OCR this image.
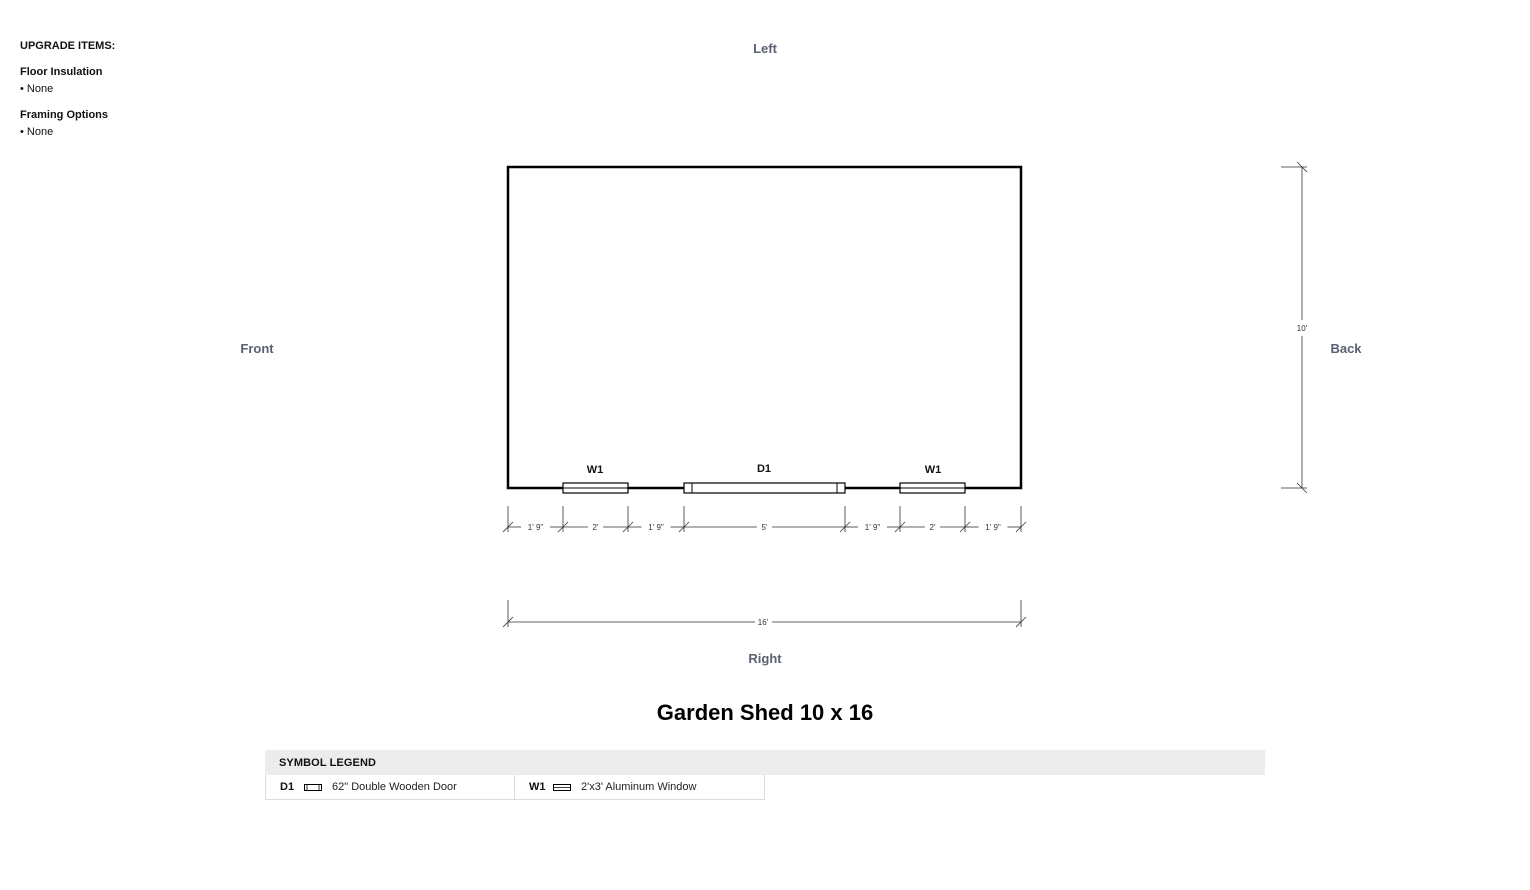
UPGRADE ITEMS:
Floor Insulation
• None
Framing Options
• None
Left
Front	Back
Right
W1	D1	W1
1' 9"	2'	1' 9"	5'	1' 9"	2'	1' 9"
16'
10'
Garden Shed 10 x 16
SYMBOL LEGEND
D1	62" Double Wooden Door	W1	2'x3' Aluminum Window
